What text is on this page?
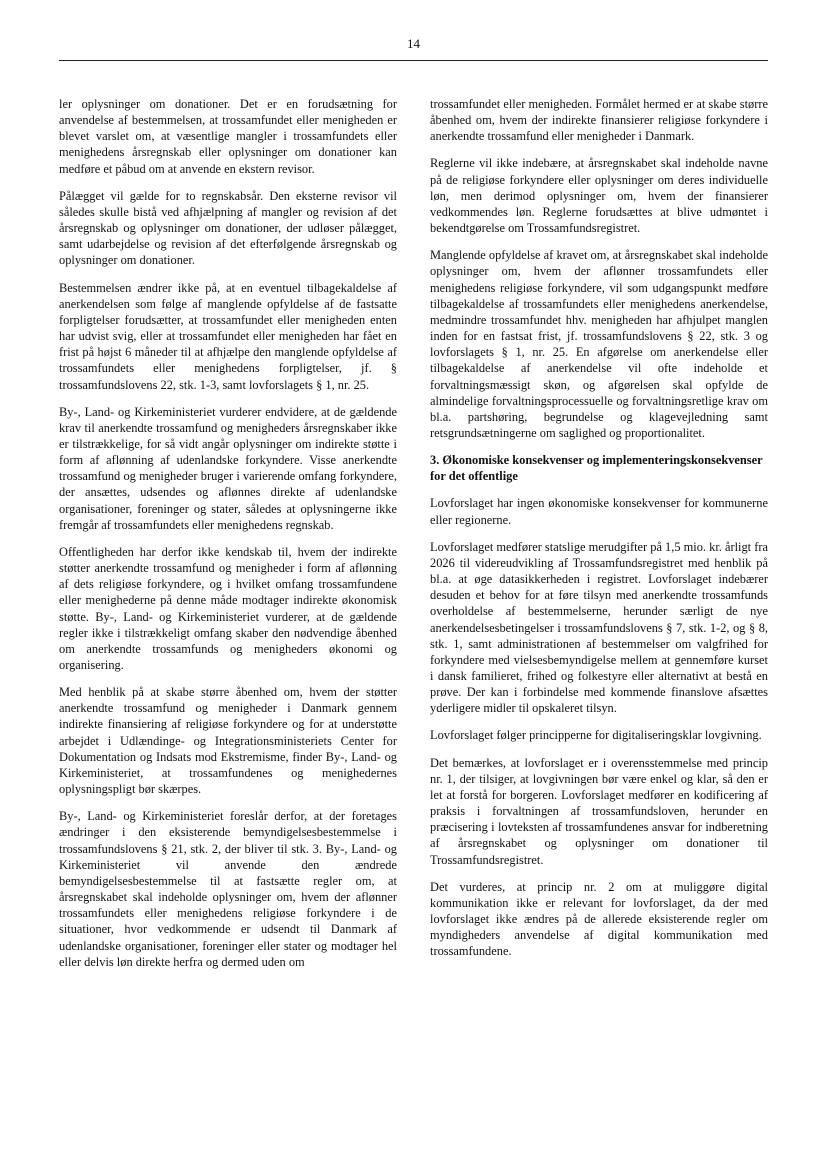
14

ler oplysninger om donationer. Det er en forudsætning for anvendelse af bestemmelsen, at trossamfundet eller menigheden er blevet varslet om, at væsentlige mangler i trossamfundets eller menighedens årsregnskab eller oplysninger om donationer kan medføre et påbud om at anvende en ekstern revisor.

Pålægget vil gælde for to regnskabsår. Den eksterne revisor vil således skulle bistå ved afhjælpning af mangler og revision af det årsregnskab og oplysninger om donationer, der udløser pålægget, samt udarbejdelse og revision af det efterfølgende årsregnskab og oplysninger om donationer.

Bestemmelsen ændrer ikke på, at en eventuel tilbagekaldelse af anerkendelsen som følge af manglende opfyldelse af de fastsatte forpligtelser forudsætter, at trossamfundet eller menigheden enten har udvist svig, eller at trossamfundet eller menigheden har fået en frist på højst 6 måneder til at afhjælpe den manglende opfyldelse af trossamfundets eller menighedens forpligtelser, jf. § trossamfundslovens 22, stk. 1-3, samt lovforslagets § 1, nr. 25.

By-, Land- og Kirkeministeriet vurderer endvidere, at de gældende krav til anerkendte trossamfund og menigheders årsregnskaber ikke er tilstrækkelige, for så vidt angår oplysninger om indirekte støtte i form af aflønning af udenlandske forkyndere. Visse anerkendte trossamfund og menigheder bruger i varierende omfang forkyndere, der ansættes, udsendes og aflønnes direkte af udenlandske organisationer, foreninger og stater, således at oplysningerne ikke fremgår af trossamfundets eller menighedens regnskab.

Offentligheden har derfor ikke kendskab til, hvem der indirekte støtter anerkendte trossamfund og menigheder i form af aflønning af dets religiøse forkyndere, og i hvilket omfang trossamfundene eller menighederne på denne måde modtager indirekte økonomisk støtte. By-, Land- og Kirkeministeriet vurderer, at de gældende regler ikke i tilstrækkeligt omfang skaber den nødvendige åbenhed om anerkendte trossamfunds og menigheders økonomi og organisering.

Med henblik på at skabe større åbenhed om, hvem der støtter anerkendte trossamfund og menigheder i Danmark gennem indirekte finansiering af religiøse forkyndere og for at understøtte arbejdet i Udlændinge- og Integrationsministeriets Center for Dokumentation og Indsats mod Ekstremisme, finder By-, Land- og Kirkeministeriet, at trossamfundenes og menighedernes oplysningspligt bør skærpes.

By-, Land- og Kirkeministeriet foreslår derfor, at der foretages ændringer i den eksisterende bemyndigelsesbestemmelse i trossamfundslovens § 21, stk. 2, der bliver til stk. 3. By-, Land- og Kirkeministeriet vil anvende den ændrede bemyndigelsesbestemmelse til at fastsætte regler om, at årsregnskabet skal indeholde oplysninger om, hvem der aflønner trossamfundets eller menighedens religiøse forkyndere i de situationer, hvor vedkommende er udsendt til Danmark af udenlandske organisationer, foreninger eller stater og modtager hel eller delvis løn direkte herfra og dermed uden om

trossamfundet eller menigheden. Formålet hermed er at skabe større åbenhed om, hvem der indirekte finansierer religiøse forkyndere i anerkendte trossamfund eller menigheder i Danmark.

Reglerne vil ikke indebære, at årsregnskabet skal indeholde navne på de religiøse forkyndere eller oplysninger om deres individuelle løn, men derimod oplysninger om, hvem der finansierer vedkommendes løn. Reglerne forudsættes at blive udmøntet i bekendtgørelse om Trossamfundsregistret.

Manglende opfyldelse af kravet om, at årsregnskabet skal indeholde oplysninger om, hvem der aflønner trossamfundets eller menighedens religiøse forkyndere, vil som udgangspunkt medføre tilbagekaldelse af trossamfundets eller menighedens anerkendelse, medmindre trossamfundet hhv. menigheden har afhjulpet manglen inden for en fastsat frist, jf. trossamfundslovens § 22, stk. 3 og lovforslagets § 1, nr. 25. En afgørelse om anerkendelse eller tilbagekaldelse af anerkendelse vil ofte indeholde et forvaltningsmæssigt skøn, og afgørelsen skal opfylde de almindelige forvaltningsprocessuelle og forvaltningsretlige krav om bl.a. partshøring, begrundelse og klagevejledning samt retsgrundsætningerne om saglighed og proportionalitet.

3. Økonomiske konsekvenser og implementeringskonsekvenser for det offentlige

Lovforslaget har ingen økonomiske konsekvenser for kommunerne eller regionerne.

Lovforslaget medfører statslige merudgifter på 1,5 mio. kr. årligt fra 2026 til videreudvikling af Trossamfundsregistret med henblik på bl.a. at øge datasikkerheden i registret. Lovforslaget indebærer desuden et behov for at føre tilsyn med anerkendte trossamfunds overholdelse af bestemmelserne, herunder særligt de nye anerkendelsesbetingelser i trossamfundslovens § 7, stk. 1-2, og § 8, stk. 1, samt administrationen af bestemmelser om valgfrihed for forkyndere med vielsesbemyndigelse mellem at gennemføre kurset i dansk familieret, frihed og folkestyre eller alternativt at bestå en prøve. Der kan i forbindelse med kommende finanslove afsættes yderligere midler til opskaleret tilsyn.

Lovforslaget følger principperne for digitaliseringsklar lovgivning.

Det bemærkes, at lovforslaget er i overensstemmelse med princip nr. 1, der tilsiger, at lovgivningen bør være enkel og klar, så den er let at forstå for borgeren. Lovforslaget medfører en kodificering af praksis i forvaltningen af trossamfundsloven, herunder en præcisering i lovteksten af trossamfundenes ansvar for indberetning af årsregnskabet og oplysninger om donationer til Trossamfundsregistret.

Det vurderes, at princip nr. 2 om at muliggøre digital kommunikation ikke er relevant for lovforslaget, da der med lovforslaget ikke ændres på de allerede eksisterende regler om myndigheders anvendelse af digital kommunikation med trossamfundene.
